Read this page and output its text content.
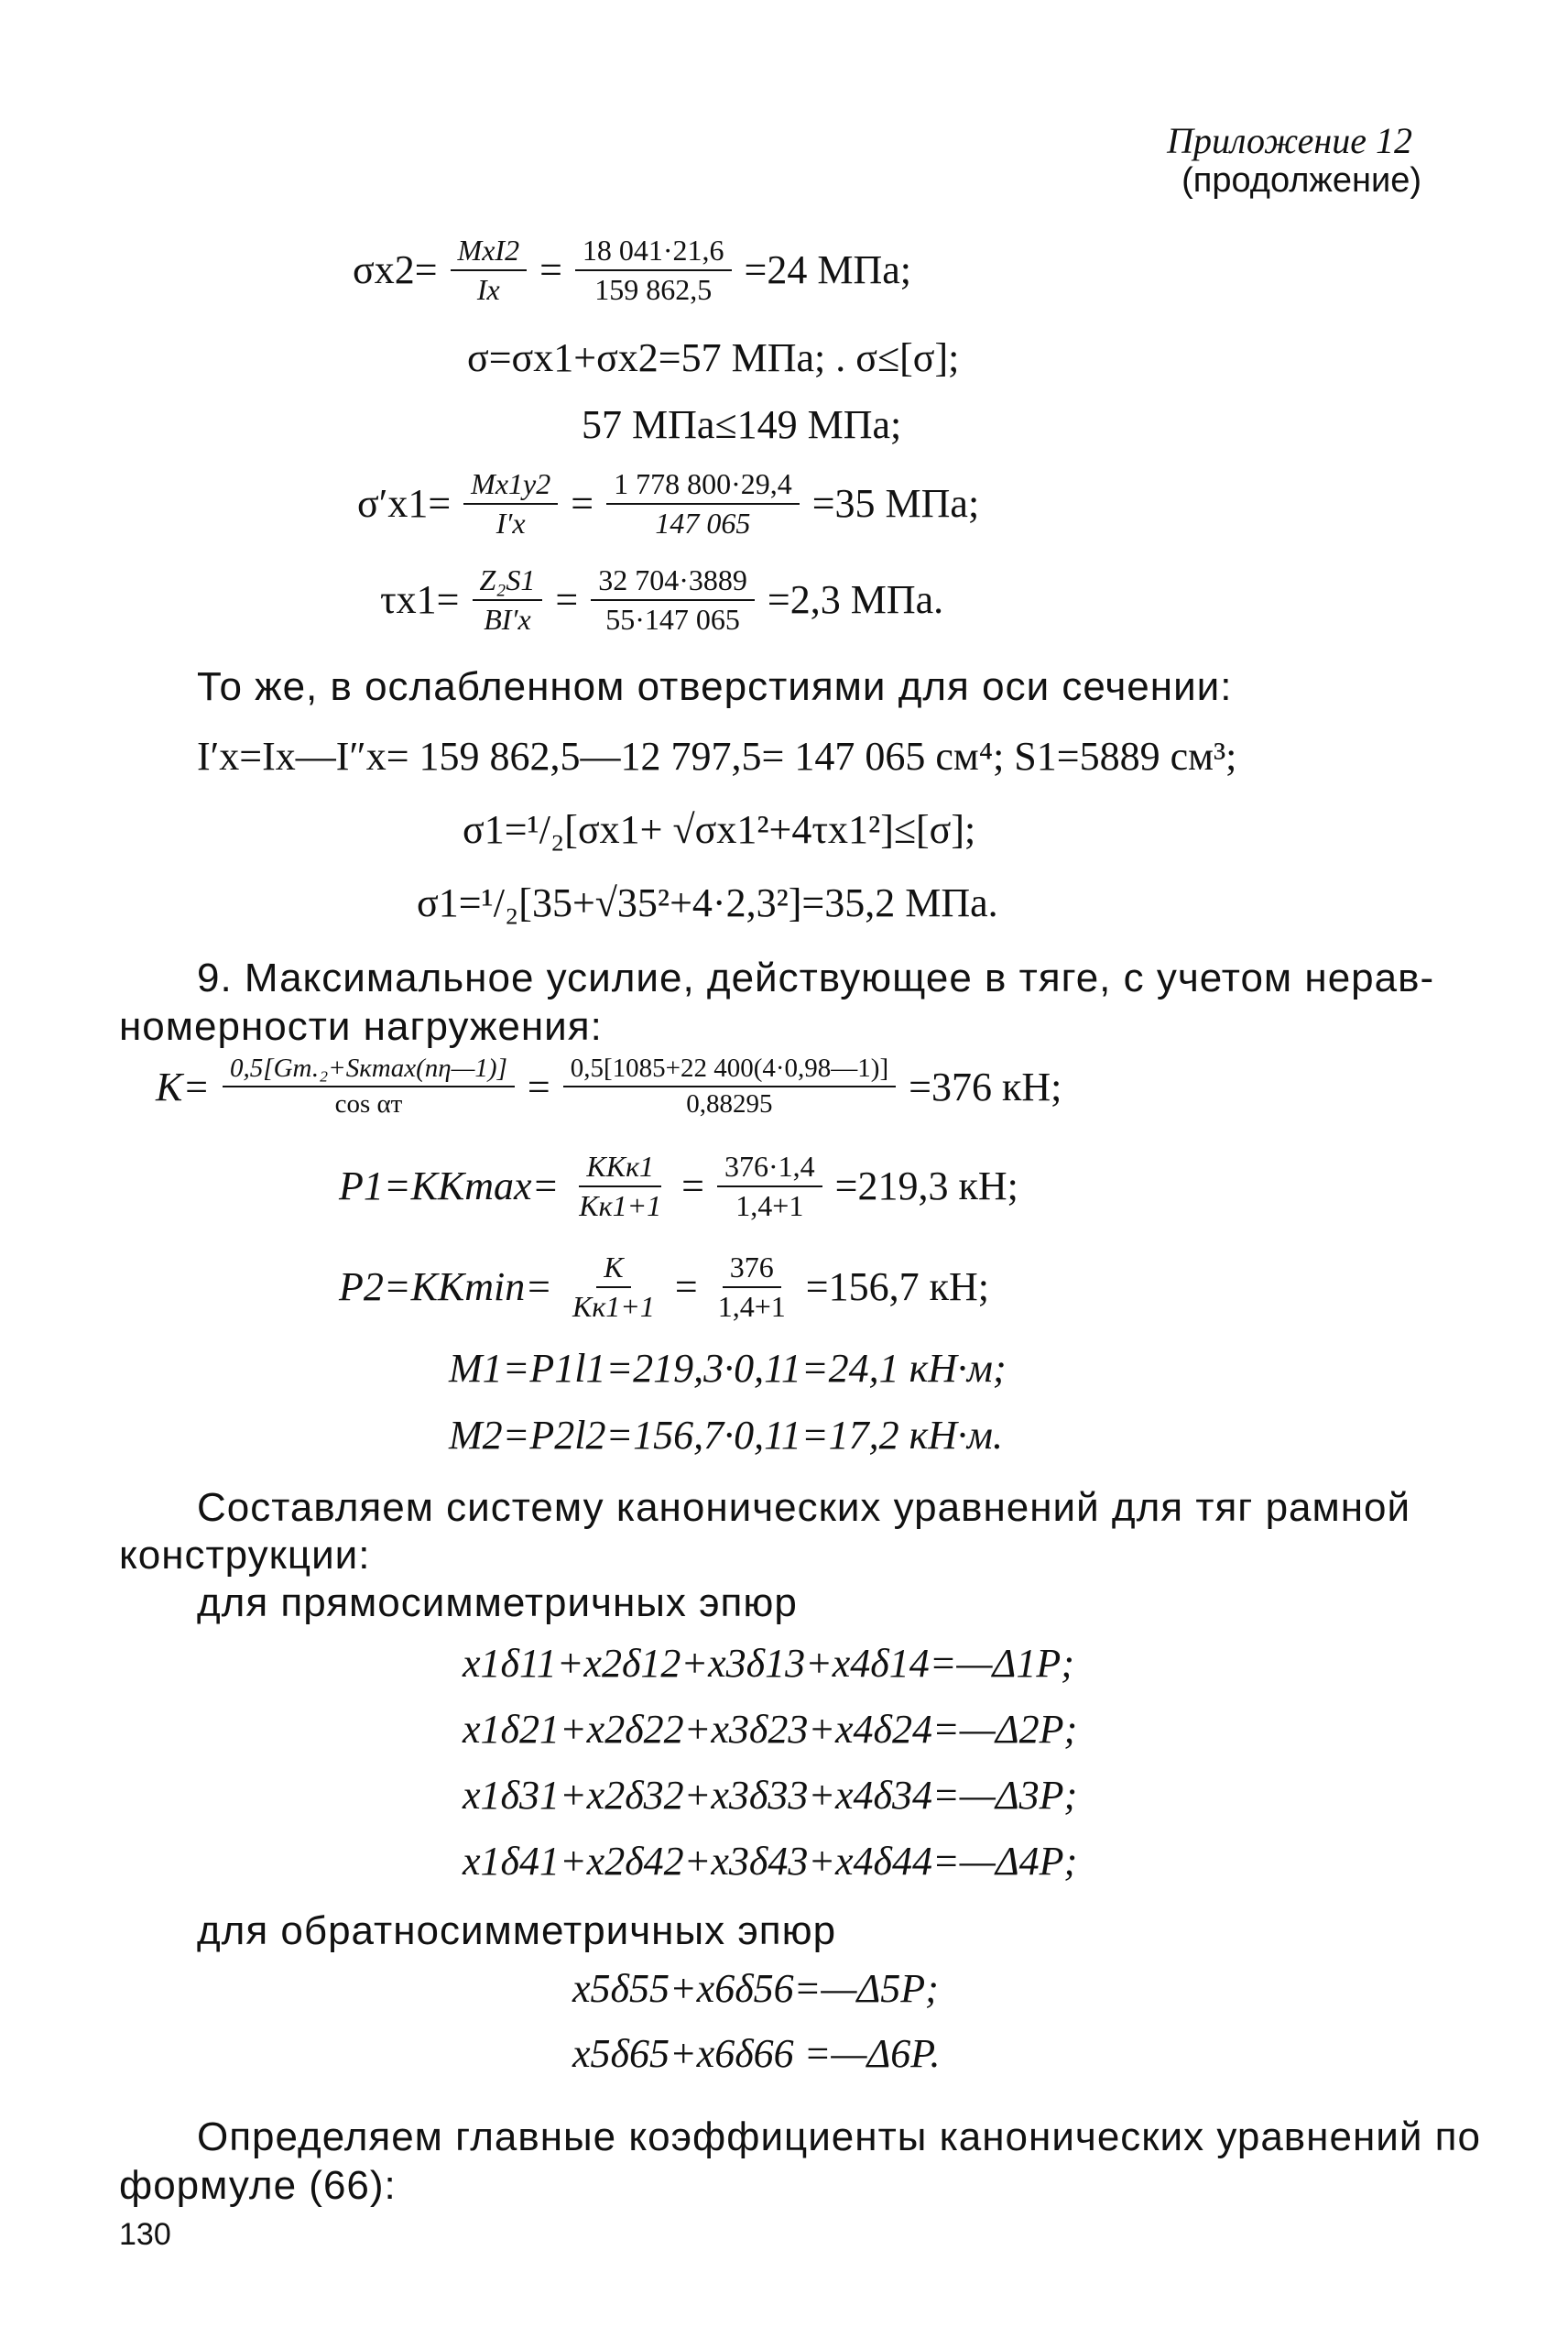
Приложение 12
(продолжение)
$\sigma x2= \frac{\text{MxI2}}{Ix} = \frac{18 041\cdot 21,6}{159 862,5} =24$ МПа;
σ=σx1+σx2=57 МПа; . σ≤[σ];
57 МПа≤149 МПа;
$\sigma'x1= \frac{Mx1y2}{I'x} = \frac{1 778 800\cdot 29,4}{147 065} =35$ МПа;
$\tau x1= \frac{\text{Z₂S1}}{BI'x} = \frac{32 704\cdot 3889}{55\cdot 147 065} =2,3$ МПа.
То же, в ослабленном отверстиями для оси сечении:
I′x=Ix—I″x= 159 862,5—12 797,5= 147 065 см⁴; S1=5889 см³;
σ1=¹/₂[σx1+ √σx1²+4τx1²]≤[σ];
σ1=¹/₂[35+√35²+4·2,3²]=35,2 МПа.
9. Максимальное усилие, действующее в тяге, с учетом нерав-
номерности нагружения:
$K= \frac{\text{0,5[Gт.₂+Sкmax(nη—1)]}}{\text{cos αт}} = \frac{0,5[1085+22 400(4\cdot 0,98—1)]}{0,88295} =376$ кН;
$P1=KKmax= \frac{\text{KKк1}}{Kк1+1} = \frac{376\cdot 1,4}{1,4+1} =219,3$ кН;
$P2=KKmin= \frac{K}{Kк1+1} = \frac{376}{1,4+1} =156,7$ кН;
M1=P1l1=219,3·0,11=24,1 кН·м;
M2=P2l2=156,7·0,11=17,2 кН·м.
Составляем систему канонических уравнений для тяг рамной
конструкции:
для прямосимметричных эпюр
x1δ11+x2δ12+x3δ13+x4δ14=—Δ1P;
x1δ21+x2δ22+x3δ23+x4δ24=—Δ2P;
x1δ31+x2δ32+x3δ33+x4δ34=—Δ3P;
x1δ41+x2δ42+x3δ43+x4δ44=—Δ4P;
для обратносимметричных эпюр
x5δ55+x6δ56=—Δ5P;
x5δ65+x6δ66 =—Δ6P.
Определяем главные коэффициенты канонических уравнений по
формуле (66):
130
